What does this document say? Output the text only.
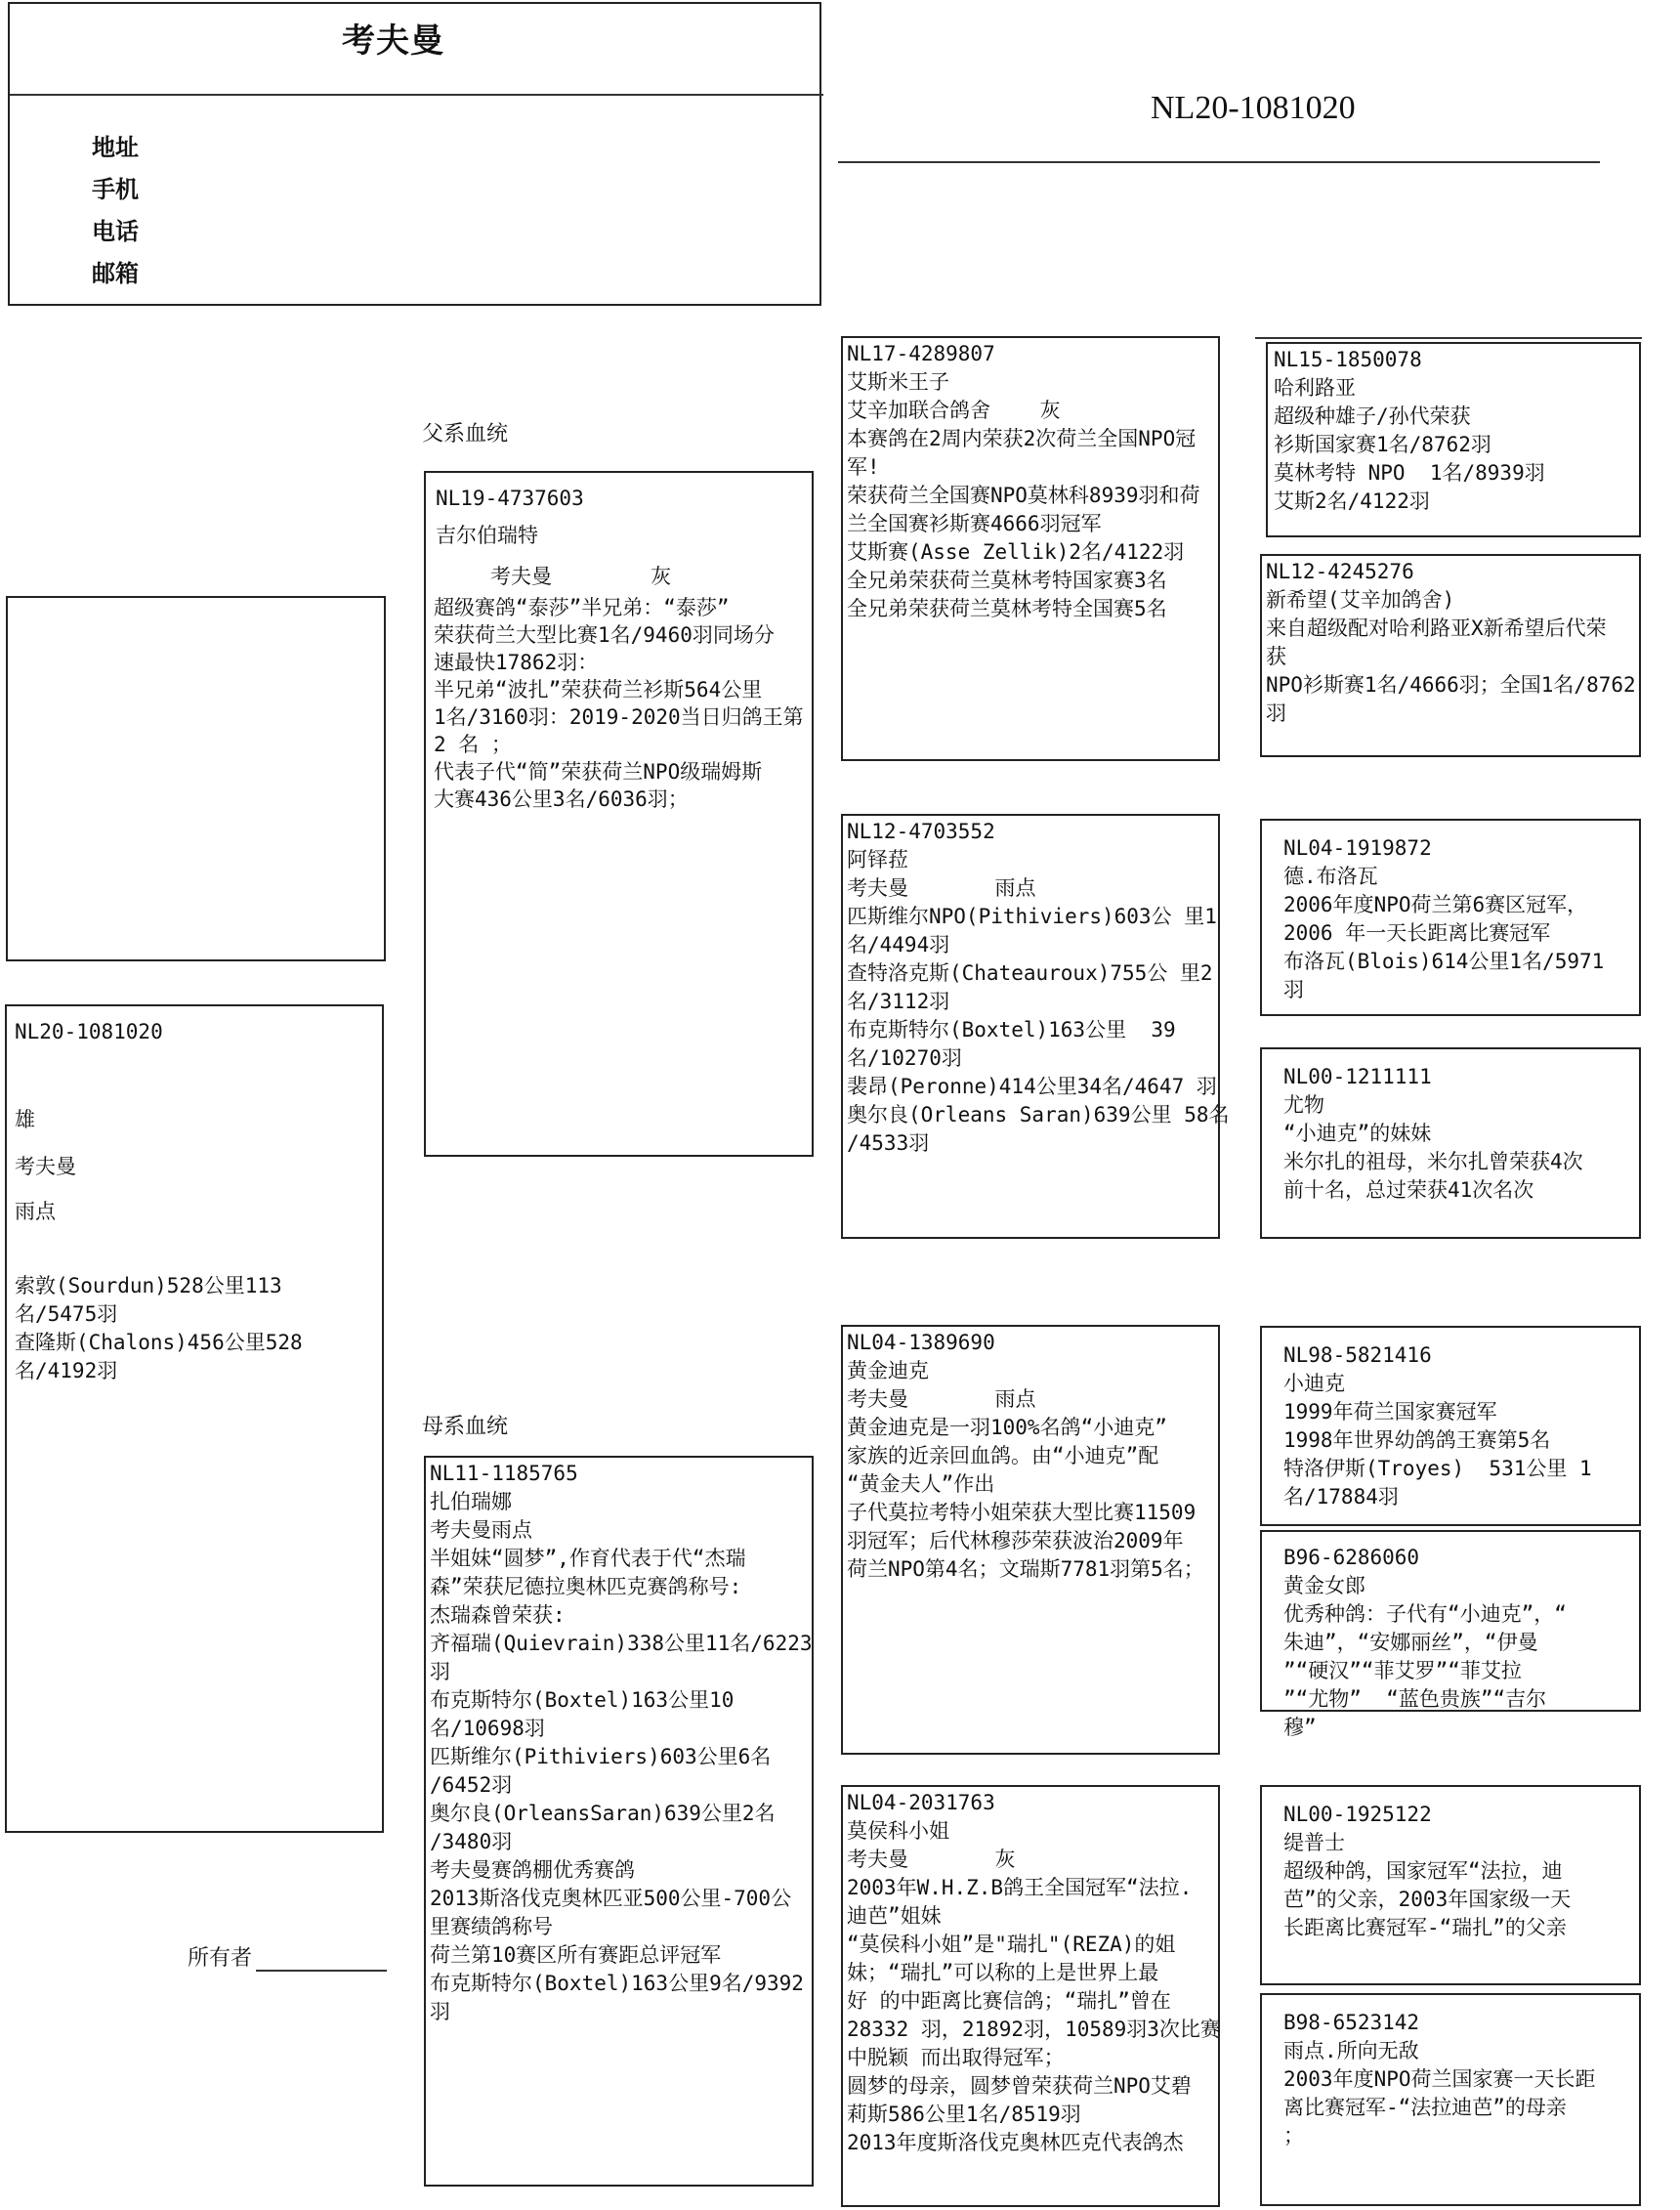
考夫曼
地址
手机
电话
邮箱
NL20-1081020
NL20-1081020
雄
考夫曼
雨点
索敦(Sourdun)528公里113
名/5475羽
查隆斯(Chalons)456公里528
名/4192羽
所有者
父系血统
母系血统
NL19-4737603
吉尔伯瑞特
考夫曼        灰
超级赛鸽“泰莎”半兄弟：“泰莎”
荣获荷兰大型比赛1名/9460羽同场分
速最快17862羽：
半兄弟“波扎”荣获荷兰衫斯564公里
1名/3160羽：2019-2020当日归鸽王第
2 名 ；
代表子代“简”荣获荷兰NPO级瑞姆斯
大赛436公里3名/6036羽；
NL11-1185765
扎伯瑞娜
考夫曼雨点
半姐妹“圆梦”,作育代表于代“杰瑞
森”荣获尼德拉奥林匹克赛鸽称号:
杰瑞森曾荣获:
齐福瑞(Quievrain)338公里11名/6223
羽
布克斯特尔(Boxtel)163公里10
名/10698羽
匹斯维尔(Pithiviers)603公里6名
/6452羽
奥尔良(OrleansSaran)639公里2名
/3480羽
考夫曼赛鸽棚优秀赛鸽
2013斯洛伐克奥林匹亚500公里-700公
里赛绩鸽称号
荷兰第10赛区所有赛距总评冠军
布克斯特尔(Boxtel)163公里9名/9392
羽
NL17-4289807
艾斯米王子
艾辛加联合鸽舍    灰
本赛鸽在2周内荣获2次荷兰全国NPO冠
军!
荣获荷兰全国赛NPO莫林科8939羽和荷
兰全国赛衫斯赛4666羽冠军
艾斯赛(Asse Zellik)2名/4122羽
全兄弟荣获荷兰莫林考特国家赛3名
全兄弟荣获荷兰莫林考特全国赛5名
NL12-4703552
阿铎菈
考夫曼       雨点
匹斯维尔NPO(Pithiviers)603公 里1
名/4494羽
查特洛克斯(Chateauroux)755公 里2
名/3112羽
布克斯特尔(Boxtel)163公里  39
名/10270羽
裴昂(Peronne)414公里34名/4647 羽
奥尔良(Orleans Saran)639公里 58名
/4533羽
NL04-1389690
黄金迪克
考夫曼       雨点
黄金迪克是一羽100%名鸽“小迪克”
家族的近亲回血鸽。由“小迪克”配
“黄金夫人”作出
子代莫拉考特小姐荣获大型比赛11509
羽冠军；后代林穆莎荣获波治2009年
荷兰NPO第4名；文瑞斯7781羽第5名；
NL04-2031763
莫侯科小姐
考夫曼       灰
2003年W.H.Z.B鸽王全国冠军“法拉.
迪芭”姐妹
“莫侯科小姐”是"瑞扎"(REZA)的姐
妹；“瑞扎”可以称的上是世界上最
好 的中距离比赛信鸽；“瑞扎”曾在
28332 羽，21892羽，10589羽3次比赛
中脱颖 而出取得冠军；
圆梦的母亲，圆梦曾荣获荷兰NPO艾碧
莉斯586公里1名/8519羽
2013年度斯洛伐克奥林匹克代表鸽杰
NL15-1850078
哈利路亚
超级种雄子/孙代荣获
衫斯国家赛1名/8762羽
莫林考特 NPO  1名/8939羽
艾斯2名/4122羽
NL12-4245276
新希望(艾辛加鸽舍)
来自超级配对哈利路亚X新希望后代荣
获
NPO衫斯赛1名/4666羽；全国1名/8762
羽
NL04-1919872
德.布洛瓦
2006年度NPO荷兰第6赛区冠军，
2006 年一天长距离比赛冠军
布洛瓦(Blois)614公里1名/5971
羽
NL00-1211111
尤物
“小迪克”的妹妹
米尔扎的祖母，米尔扎曾荣获4次
前十名，总过荣获41次名次
NL98-5821416
小迪克
1999年荷兰国家赛冠军
1998年世界幼鸽鸽王赛第5名
特洛伊斯(Troyes)  531公里 1
名/17884羽
B96-6286060
黄金女郎
优秀种鸽：子代有“小迪克”，“
朱迪”，“安娜丽丝”，“伊曼
”“硬汉”“菲艾罗”“菲艾拉
”“尤物”  “蓝色贵族”“吉尔
穆”
NL00-1925122
缇普士
超级种鸽，国家冠军“法拉，迪
芭”的父亲，2003年国家级一天
长距离比赛冠军-“瑞扎”的父亲
B98-6523142
雨点.所向无敌
2003年度NPO荷兰国家赛一天长距
离比赛冠军-“法拉迪芭”的母亲
；
